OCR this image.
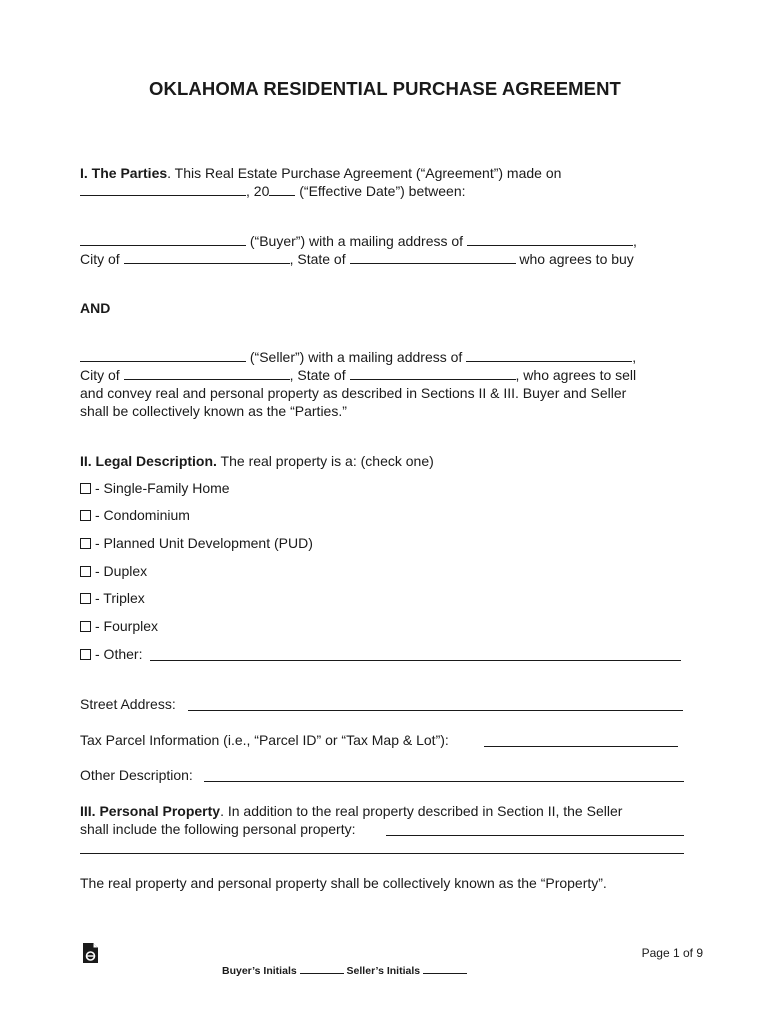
OKLAHOMA RESIDENTIAL PURCHASE AGREEMENT
I. The Parties. This Real Estate Purchase Agreement (“Agreement”) made on
, 20 (“Effective Date”) between:
(“Buyer”) with a mailing address of	,
City of	, State of	who agrees to buy
AND
(“Seller”) with a mailing address of	,
City of	, State of	, who agrees to sell
and convey real and personal property as described in Sections II & III. Buyer and Seller
shall be collectively known as the “Parties.”
II. Legal Description. The real property is a: (check one)
- Single-Family Home
- Condominium
- Planned Unit Development (PUD)
- Duplex
- Triplex
- Fourplex
- Other:
Street Address:
Tax Parcel Information (i.e., “Parcel ID” or “Tax Map & Lot”):
Other Description:
III. Personal Property. In addition to the real property described in Section II, the Seller
shall include the following personal property:
The real property and personal property shall be collectively known as the “Property”.
Page 1 of 9
Buyer’s Initials	Seller’s Initials
